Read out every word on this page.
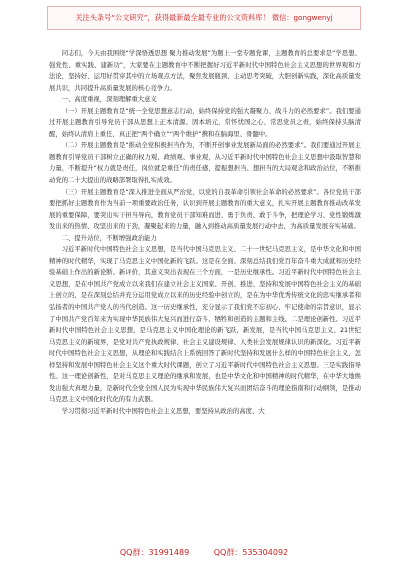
关注头条号“公文研究”，获得最新最全最专业的公文资料库！ 微信：gongwenyj

同志们，今天由我围绕“学深悟透思想 聚力推动发展”为题上一堂专题党课，主题教育的总要求是“学思想、强党性、重实践、建新功”，大家要在主题教育中不断把握好习近平新时代中国特色社会主义思想的世界观和方法论，坚持好、运用好贯穿其中的立场观点方法，聚焦发展瓶颈、主动思考突破，大胆创新实践，深化高质量发展共识，共同提升高质量发展的核心竞争力。

一、高度重视，深刻理解重大意义

（一）开展主题教育是“统一全党思想意志行动，始终保持党的强大凝聚力、战斗力的必然要求”。我们要通过开展主题教育引导党员干部从思想上正本清源、固本培元，常怀忧国之心、常思党员之责，始终保持头脑清醒，始终认清肩上重任，真正把“两个确立”“两个维护”携和在脑海里、骨髓中。

（二）开展主题教育是“推动全党积极担当作为，不断开创事业发展新局面的必然要求”。我们要通过开展主题教育引导党员干部树立正确的权力观、政绩观、事业观，从习近平新时代中国特色社会主义思想中汲取智慧和力量，不断提升“权力就是责任，岗位就是重任”的责任感，提振想担当、想担当的大局观念和政治站位，不断推动党的二十大提出的战略部署取得扎实成效。

（三）开展主题教育是“深入推进全面从严治党，以党的自我革命引领社会革命的必然要求”。各位党员干部要把抓好主题教育作为当前一项重要政治任务，认识到开展主题教育的重大意义，扎实开展主题教育推动改革发展的重要保障，要突出实干担当导向，教育党员干部知难而进、勇于负责、敢于斗争，把理论学习、党性锻炼激发出来的热情、攻坚出来的干劲，凝聚起来的力量，融入到推动高质量发展行动中去，为高质量发展夯实基础。

二、提升站位，不断增强政治能力

习近平新时代中国特色社会主义思想，是当代中国马克思主义、二十一世纪马克思主义，是中华文化和中国精神的时代精华，实现了马克思主义中国化新的飞跃。这是在全面、深刻总结我们党百年奋斗重大成就和历史经验基础上作出的新论断、新评价，其意义突出表现在三个方面，一是历史继承性。习近平新时代中国特色社会主义思想，是在中国共产党成立以来我们在建立社会主义国家、开创、推进、坚持和发展中国特色社会主义的基础上创立的，是在深刻总结并充分运用党成立以来的历史经验中创立的，是在为中华优秀传统文化的忠实继承者和弘扬者的中国共产党人的当代创造。这一历史继承性，充分显示了我们党不忘初心、牢记使命的宗旨意识，显示了中国共产党百年来为实现中华民族伟大复兴而进行奋斗、牺牲和创造的主题和主线。二是理论创新性。习近平新时代中国特色社会主义思想，是马克思主义中国化理论的新飞跃，新发展，是当代中国马克思主义、21世纪马克思主义的新境界，是党对共产党执政规律、社会主义建设规律、人类社会发展规律认识的新深化。习近平新时代中国特色社会主义思想，从理论和实践结合上系统回答了新时代坚持和发展什么样的中国特色社会主义、怎样坚持和发展中国特色社会主义这个重大时代课题，创立了习近平新时代中国特色社会主义思想。三是实践指导性。这一理论创新性，是对马克思主义理论的继承和发展，也是中华文化和中国精神的时代精华，在中华大地焕发出强大真理力量，是新时代全党全国人民为实现中华民族伟大复兴而团结奋斗的理论指南和行动纲领，是推动马克思主义中国化时代化的有力武器。

学习贯彻习近平新时代中国特色社会主义思想，要坚持从政治的高度、大

QQ群：31991489	QQ群：535304092
